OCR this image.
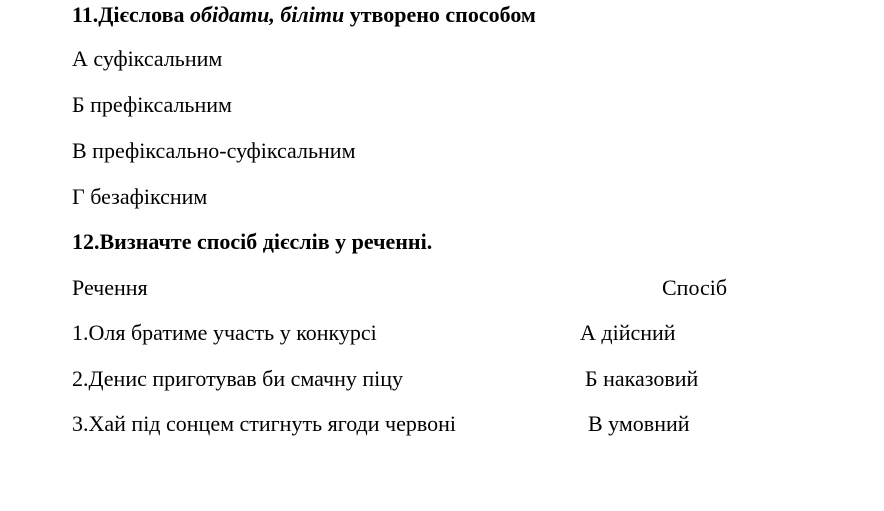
11.Дієслова обідати, біліти утворено способом
А суфіксальним
Б префіксальним
В префіксально-суфіксальним
Г безафіксним
12.Визначте спосіб дієслів у реченні.
Речення	Спосіб
1.Оля братиме участь у конкурсі	А дійсний
2.Денис приготував би смачну піцу	Б наказовий
3.Хай під сонцем стигнуть ягоди червоні	В умовний
